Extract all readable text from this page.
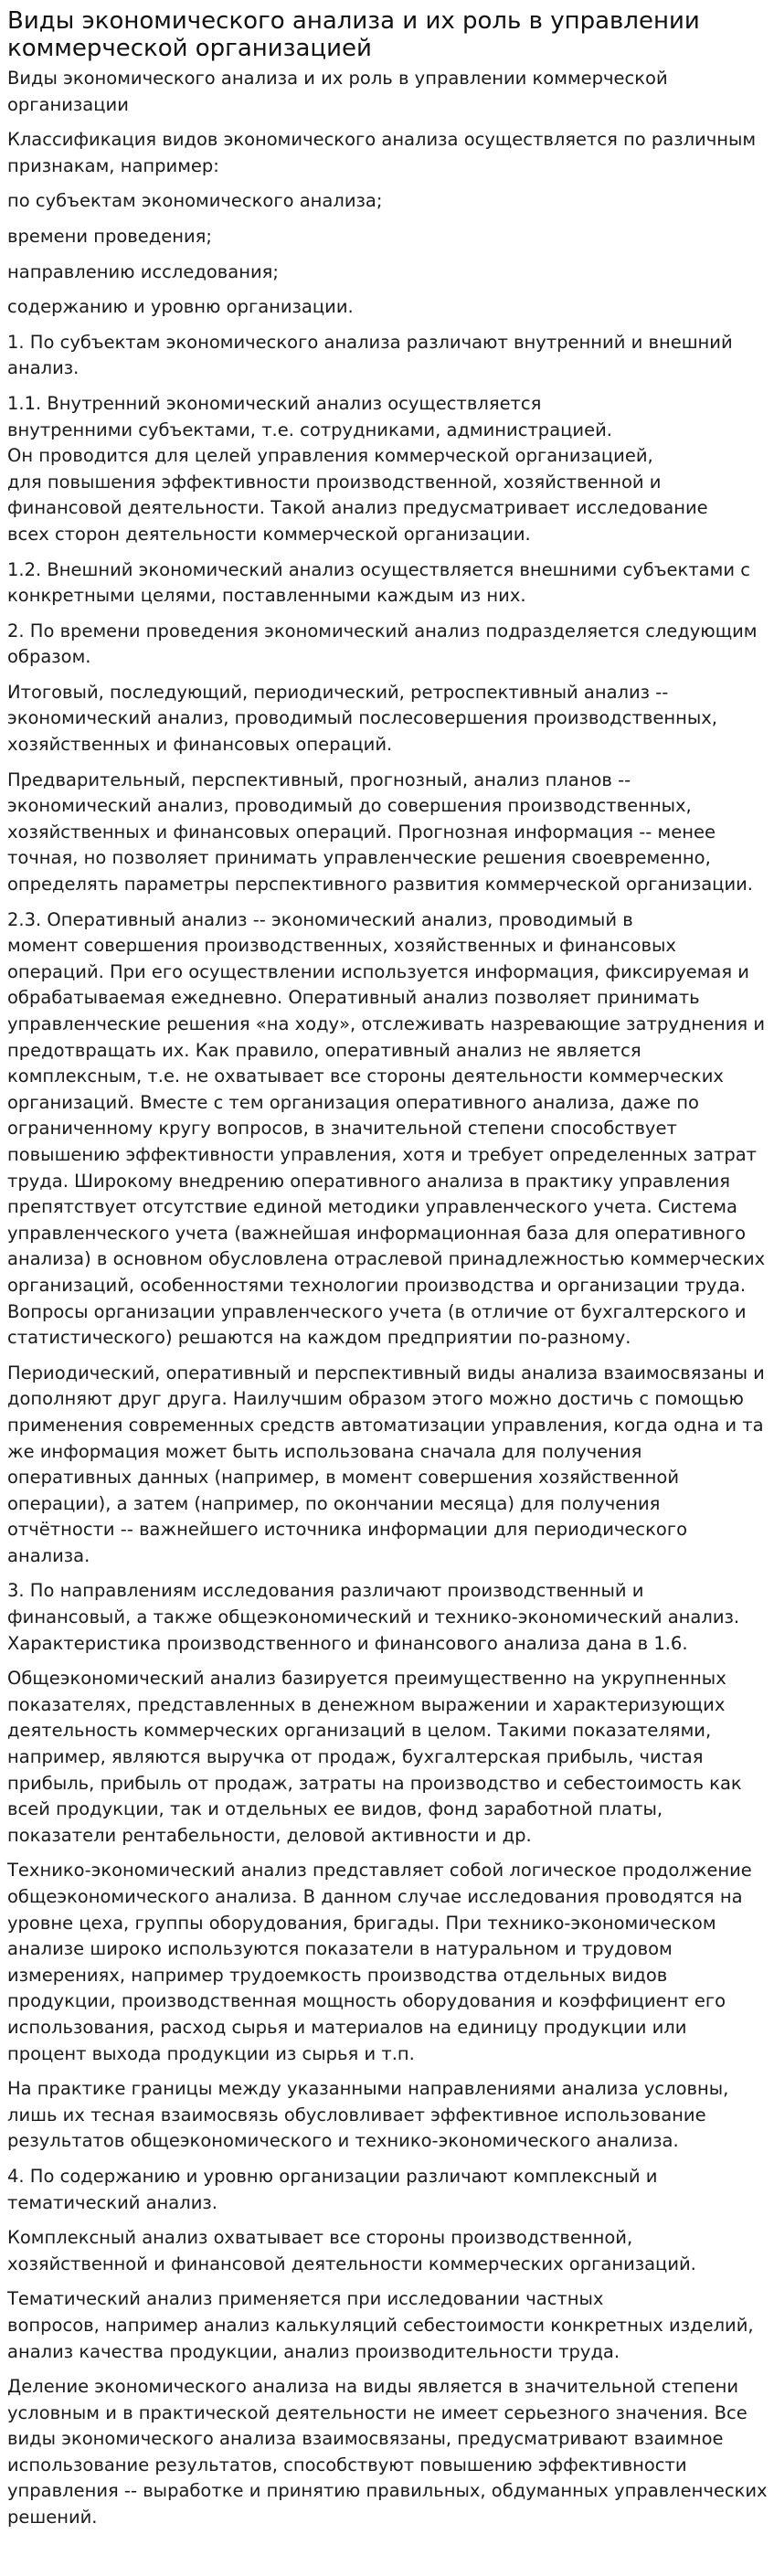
Виды экономического анализа и их роль в управлении коммерческой организацией

Виды экономического анализа и их роль в управлении коммерческой организации

Классификация видов экономического анализа осуществляется по различным признакам, например:

по субъектам экономического анализа;

времени проведения;

направлению исследования;

содержанию и уровню организации.

1. По субъектам экономического анализа различают внутренний и внешний анализ.

1.1. Внутренний экономический анализ осуществляется
внутренними субъектами, т.е. сотрудниками, администрацией.
Он проводится для целей управления коммерческой организацией,
для повышения эффективности производственной, хозяйственной и
финансовой деятельности. Такой анализ предусматривает исследование
всех сторон деятельности коммерческой организации.

1.2. Внешний экономический анализ осуществляется внешними субъектами с конкретными целями, поставленными каждым из них.

2. По времени проведения экономический анализ подразделяется следующим образом.

Итоговый, последующий, периодический, ретроспективный анализ -- экономический анализ, проводимый послесовершения производственных, хозяйственных и финансовых операций.

Предварительный, перспективный, прогнозный, анализ планов -- экономический анализ, проводимый до совершения производственных, хозяйственных и финансовых операций. Прогнозная информация -- менее точная, но позволяет принимать управленческие решения своевременно, определять параметры перспективного развития коммерческой организации.

2.3. Оперативный анализ -- экономический анализ, проводимый в
момент совершения производственных, хозяйственных и финансовых операций. При его осуществлении используется информация, фиксируемая и обрабатываемая ежедневно. Оперативный анализ позволяет принимать управленческие решения «на ходу», отслеживать назревающие затруднения и предотвращать их. Как правило, оперативный анализ не является комплексным, т.е. не охватывает все стороны деятельности коммерческих организаций. Вместе с тем организация оперативного анализа, даже по ограниченному кругу вопросов, в значительной степени способствует повышению эффективности управления, хотя и требует определенных затрат труда. Широкому внедрению оперативного анализа в практику управления препятствует отсутствие единой методики управленческого учета. Система управленческого учета (важнейшая информационная база для оперативного анализа) в основном обусловлена отраслевой принадлежностью коммерческих организаций, особенностями технологии производства и организации труда. Вопросы организации управленческого учета (в отличие от бухгалтерского и статистического) решаются на каждом предприятии по-разному.

Периодический, оперативный и перспективный виды анализа взаимосвязаны и дополняют друг друга. Наилучшим образом этого можно достичь с помощью применения современных средств автоматизации управления, когда одна и та же информация может быть использована сначала для получения оперативных данных (например, в момент совершения хозяйственной операции), а затем (например, по окончании месяца) для получения отчётности -- важнейшего источника информации для периодического анализа.

3. По направлениям исследования различают производственный и финансовый, а также общеэкономический и технико-экономический анализ. Характеристика производственного и финансового анализа дана в 1.6.

Общеэкономический анализ базируется преимущественно на укрупненных показателях, представленных в денежном выражении и характеризующих деятельность коммерческих организаций в целом. Такими показателями, например, являются выручка от продаж, бухгалтерская прибыль, чистая прибыль, прибыль от продаж, затраты на производство и себестоимость как всей продукции, так и отдельных ее видов, фонд заработной платы, показатели рентабельности, деловой активности и др.

Технико-экономический анализ представляет собой логическое продолжение общеэкономического анализа. В данном случае исследования проводятся на уровне цеха, группы оборудования, бригады. При технико-экономическом анализе широко используются показатели в натуральном и трудовом измерениях, например трудоемкость производства отдельных видов продукции, производственная мощность оборудования и коэффициент его использования, расход сырья и материалов на единицу продукции или процент выхода продукции из сырья и т.п.

На практике границы между указанными направлениями анализа условны, лишь их тесная взаимосвязь обусловливает эффективное использование результатов общеэкономического и технико-экономического анализа.

4. По содержанию и уровню организации различают комплексный и тематический анализ.

Комплексный анализ охватывает все стороны производственной, хозяйственной и финансовой деятельности коммерческих организаций.

Тематический анализ применяется при исследовании частных
вопросов, например анализ калькуляций себестоимости конкретных изделий, анализ качества продукции, анализ производительности труда.

Деление экономического анализа на виды является в значительной степени условным и в практической деятельности не имеет серьезного значения. Все виды экономического анализа взаимосвязаны, предусматривают взаимное использование результатов, способствуют повышению эффективности управления -- выработке и принятию правильных, обдуманных управленческих решений.
